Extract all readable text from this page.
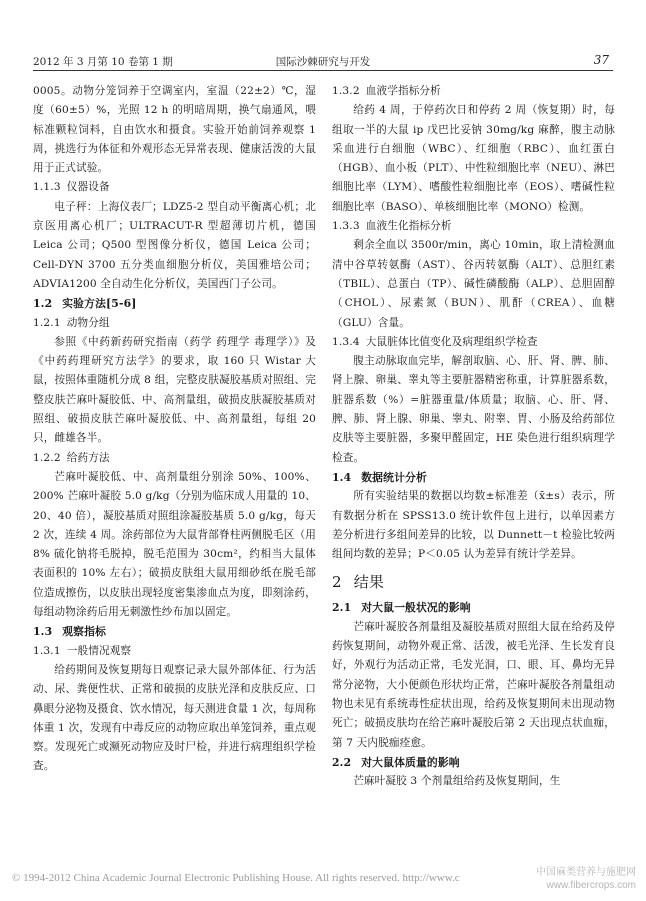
2012 年 3 月第 10 卷第 1 期	国际沙棘研究与开发	37

0005。动物分笼饲养于空调室内，室温（22±2）℃，湿度（60±5）%，光照 12 h 的明暗周期，换气扇通风，喂标准颗粒饲料，自由饮水和摄食。实验开始前饲养观察 1 周，挑选行为体征和外观形态无异常表现、健康活泼的大鼠用于正式试验。

1.1.3 仪器设备

电子秤：上海仪表厂；LDZ5-2 型自动平衡离心机；北京医用离心机厂；ULTRACUT-R 型超薄切片机，德国 Leica 公司；Q500 型图像分析仪，德国 Leica 公司；Cell-DYN 3700 五分类血细胞分析仪，美国雅培公司；ADVIA1200 全自动生化分析仪，美国西门子公司。

1.2 实验方法[5-6]
1.2.1 动物分组

参照《中药新药研究指南（药学 药理学 毒理学）》及《中药药理研究方法学》的要求，取 160 只 Wistar 大鼠，按照体重随机分成 8 组，完整皮肤凝胶基质对照组、完整皮肤芒麻叶凝胶低、中、高剂量组，破损皮肤凝胶基质对照组、破损皮肤芒麻叶凝胶低、中、高剂量组，每组 20 只，雌雄各半。

1.2.2 给药方法

芒麻叶凝胶低、中、高剂量组分别涂 50%、100%、200% 芒麻叶凝胶 5.0 g/kg（分别为临床成人用量的 10、20、40 倍），凝胶基质对照组涂凝胶基质 5.0 g/kg，每天 2 次，连续 4 周。涂药部位为大鼠背部脊柱两侧脱毛区（用 8% 硫化钠将毛脱掉，脱毛范围为 30cm²，约相当大鼠体表面积的 10% 左右）；破损皮肤组大鼠用细砂纸在脱毛部位造成擦伤，以皮肤出现轻度密集渗血点为度，即刻涂药，每组动物涂药后用无刺激性纱布加以固定。

1.3 观察指标
1.3.1 一般情况观察

给药期间及恢复期每日观察记录大鼠外部体征、行为活动、尿、粪便性状、正常和破损的皮肤光泽和皮肤反应、口鼻眼分泌物及摄食、饮水情况，每天测进食量 1 次，每周称体重 1 次，发现有中毒反应的动物应取出单笼饲养，重点观察。发现死亡或濒死动物应及时尸检，并进行病理组织学检查。

1.3.2 血液学指标分析

给药 4 周，于停药次日和停药 2 周（恢复期）时，每组取一半的大鼠 ip 戊巴比妥钠 30mg/kg 麻醉，腹主动脉采血进行白细胞（WBC）、红细胞（RBC）、血红蛋白（HGB）、血小板（PLT）、中性粒细胞比率（NEU）、淋巴细胞比率（LYM）、嗜酸性粒细胞比率（EOS）、嗜碱性粒细胞比率（BASO）、单核细胞比率（MONO）检测。

1.3.3 血液生化指标分析

剩余全血以 3500r/min，离心 10min，取上清检测血清中谷草转氨酶（AST）、谷丙转氨酶（ALT）、总胆红素（TBIL）、总蛋白（TP）、碱性磷酸酶（ALP）、总胆固醇（CHOL）、尿素氮（BUN）、肌酐（CREA）、血糖（GLU）含量。

1.3.4 大鼠脏体比值变化及病理组织学检查

腹主动脉取血完毕，解剖取脑、心、肝、肾、脾、肺、肾上腺、卵巢、睾丸等主要脏器精密称重，计算脏器系数，脏器系数（%）=脏器重量/体质量；取脑、心、肝、肾、脾、肺、肾上腺、卵巢、睾丸、附睾、胃、小肠及给药部位皮肤等主要脏器，多聚甲醛固定，HE 染色进行组织病理学检查。

1.4 数据统计分析

所有实验结果的数据以均数±标准差（x̄±s）表示，所有数据分析在 SPSS13.0 统计软件包上进行，以单因素方差分析进行多组间差异的比较，以 Dunnett－t 检验比较两组间均数的差异；P＜0.05 认为差异有统计学差异。

2 结果
2.1 对大鼠一般状况的影响

芒麻叶凝胶各剂量组及凝胶基质对照组大鼠在给药及停药恢复期间，动物外观正常、活泼，被毛光泽、生长发育良好，外观行为活动正常，毛发光洞，口、眼、耳、鼻均无异常分泌物，大小便颜色形状均正常，芒麻叶凝胶各剂量组动物也未见有系统毒性症状出现，给药及恢复期间未出现动物死亡；破损皮肤均在给芒麻叶凝胶后第 2 天出现点状血痂，第 7 天内脱痂痊愈。

2.2 对大鼠体质量的影响

芒麻叶凝胶 3 个剂量组给药及恢复期间，生

© 1994-2012 China Academic Journal Electronic Publishing House. All rights reserved. http://www.c	中国麻类营养与施肥网
www.fibercrops.com
